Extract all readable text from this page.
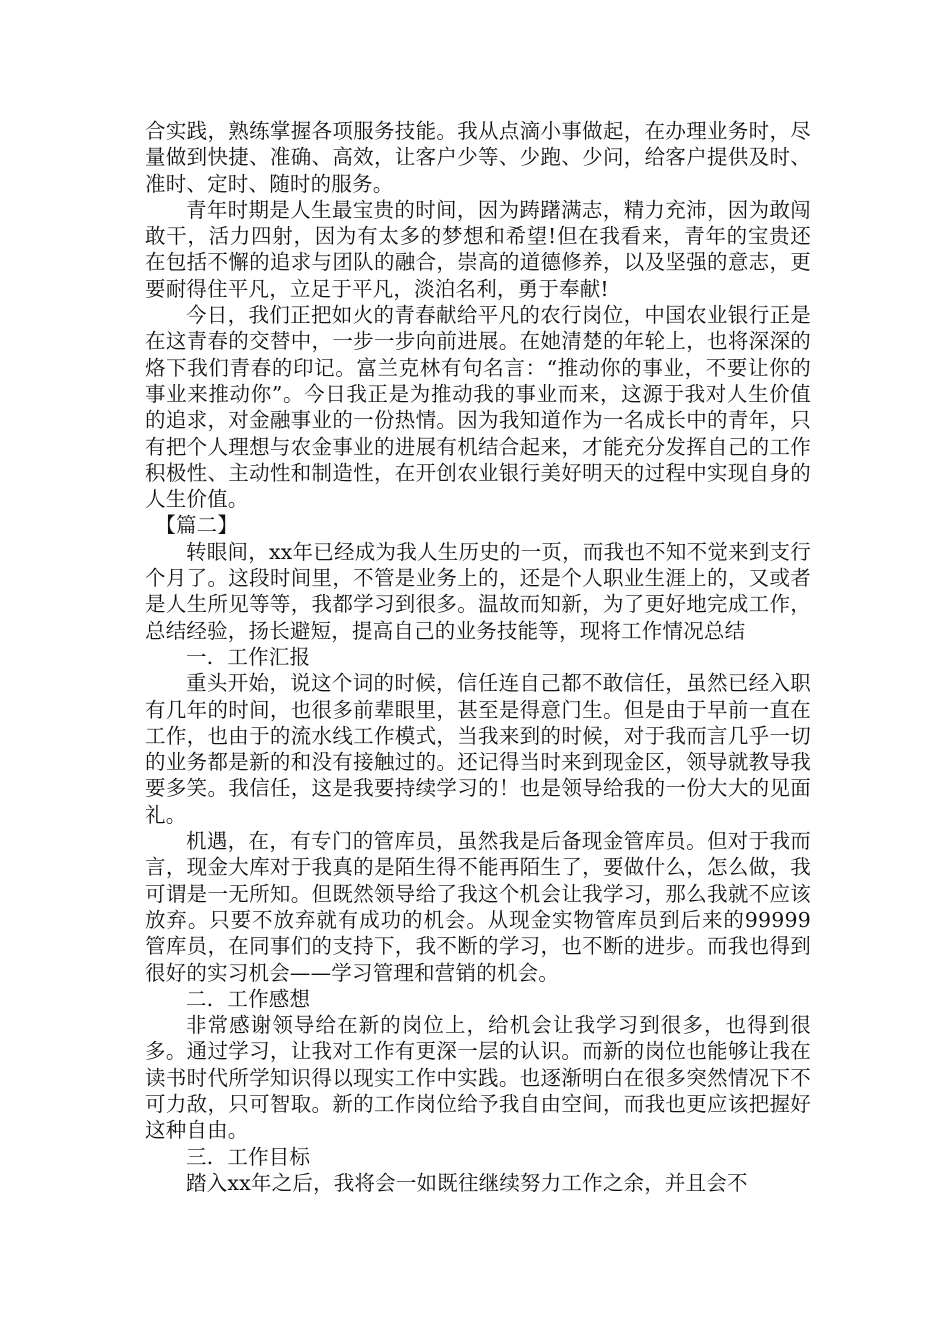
合实践，熟练掌握各项服务技能。我从点滴小事做起，在办理业务时，尽量做到快捷、准确、高效，让客户少等、少跑、少问，给客户提供及时、准时、定时、随时的服务。

青年时期是人生最宝贵的时间，因为踌躇满志，精力充沛，因为敢闯敢干，活力四射，因为有太多的梦想和希望!但在我看来，青年的宝贵还在包括不懈的追求与团队的融合，崇高的道德修养，以及坚强的意志，更要耐得住平凡，立足于平凡，淡泊名利，勇于奉献!

今日，我们正把如火的青春献给平凡的农行岗位，中国农业银行正是在这青春的交替中，一步一步向前进展。在她清楚的年轮上，也将深深的烙下我们青春的印记。富兰克林有句名言：“推动你的事业，不要让你的事业来推动你”。今日我正是为推动我的事业而来，这源于我对人生价值的追求，对金融事业的一份热情。因为我知道作为一名成长中的青年，只有把个人理想与农金事业的进展有机结合起来，才能充分发挥自己的工作积极性、主动性和制造性，在开创农业银行美好明天的过程中实现自身的人生价值。

【篇二】

转眼间，xx年已经成为我人生历史的一页，而我也不知不觉来到支行个月了。这段时间里，不管是业务上的，还是个人职业生涯上的，又或者是人生所见等等，我都学习到很多。温故而知新，为了更好地完成工作，总结经验，扬长避短，提高自己的业务技能等，现将工作情况总结

一．工作汇报

重头开始，说这个词的时候，信任连自己都不敢信任，虽然已经入职有几年的时间，也很多前辈眼里，甚至是得意门生。但是由于早前一直在工作，也由于的流水线工作模式，当我来到的时候，对于我而言几乎一切的业务都是新的和没有接触过的。还记得当时来到现金区，领导就教导我要多笑。我信任，这是我要持续学习的！也是领导给我的一份大大的见面礼。

机遇，在，有专门的管库员，虽然我是后备现金管库员。但对于我而言，现金大库对于我真的是陌生得不能再陌生了，要做什么，怎么做，我可谓是一无所知。但既然领导给了我这个机会让我学习，那么我就不应该放弃。只要不放弃就有成功的机会。从现金实物管库员到后来的99999管库员，在同事们的支持下，我不断的学习，也不断的进步。而我也得到很好的实习机会——学习管理和营销的机会。

二．工作感想

非常感谢领导给在新的岗位上，给机会让我学习到很多，也得到很多。通过学习，让我对工作有更深一层的认识。而新的岗位也能够让我在读书时代所学知识得以现实工作中实践。也逐渐明白在很多突然情况下不可力敌，只可智取。新的工作岗位给予我自由空间，而我也更应该把握好这种自由。

三．工作目标

踏入xx年之后，我将会一如既往继续努力工作之余，并且会不
